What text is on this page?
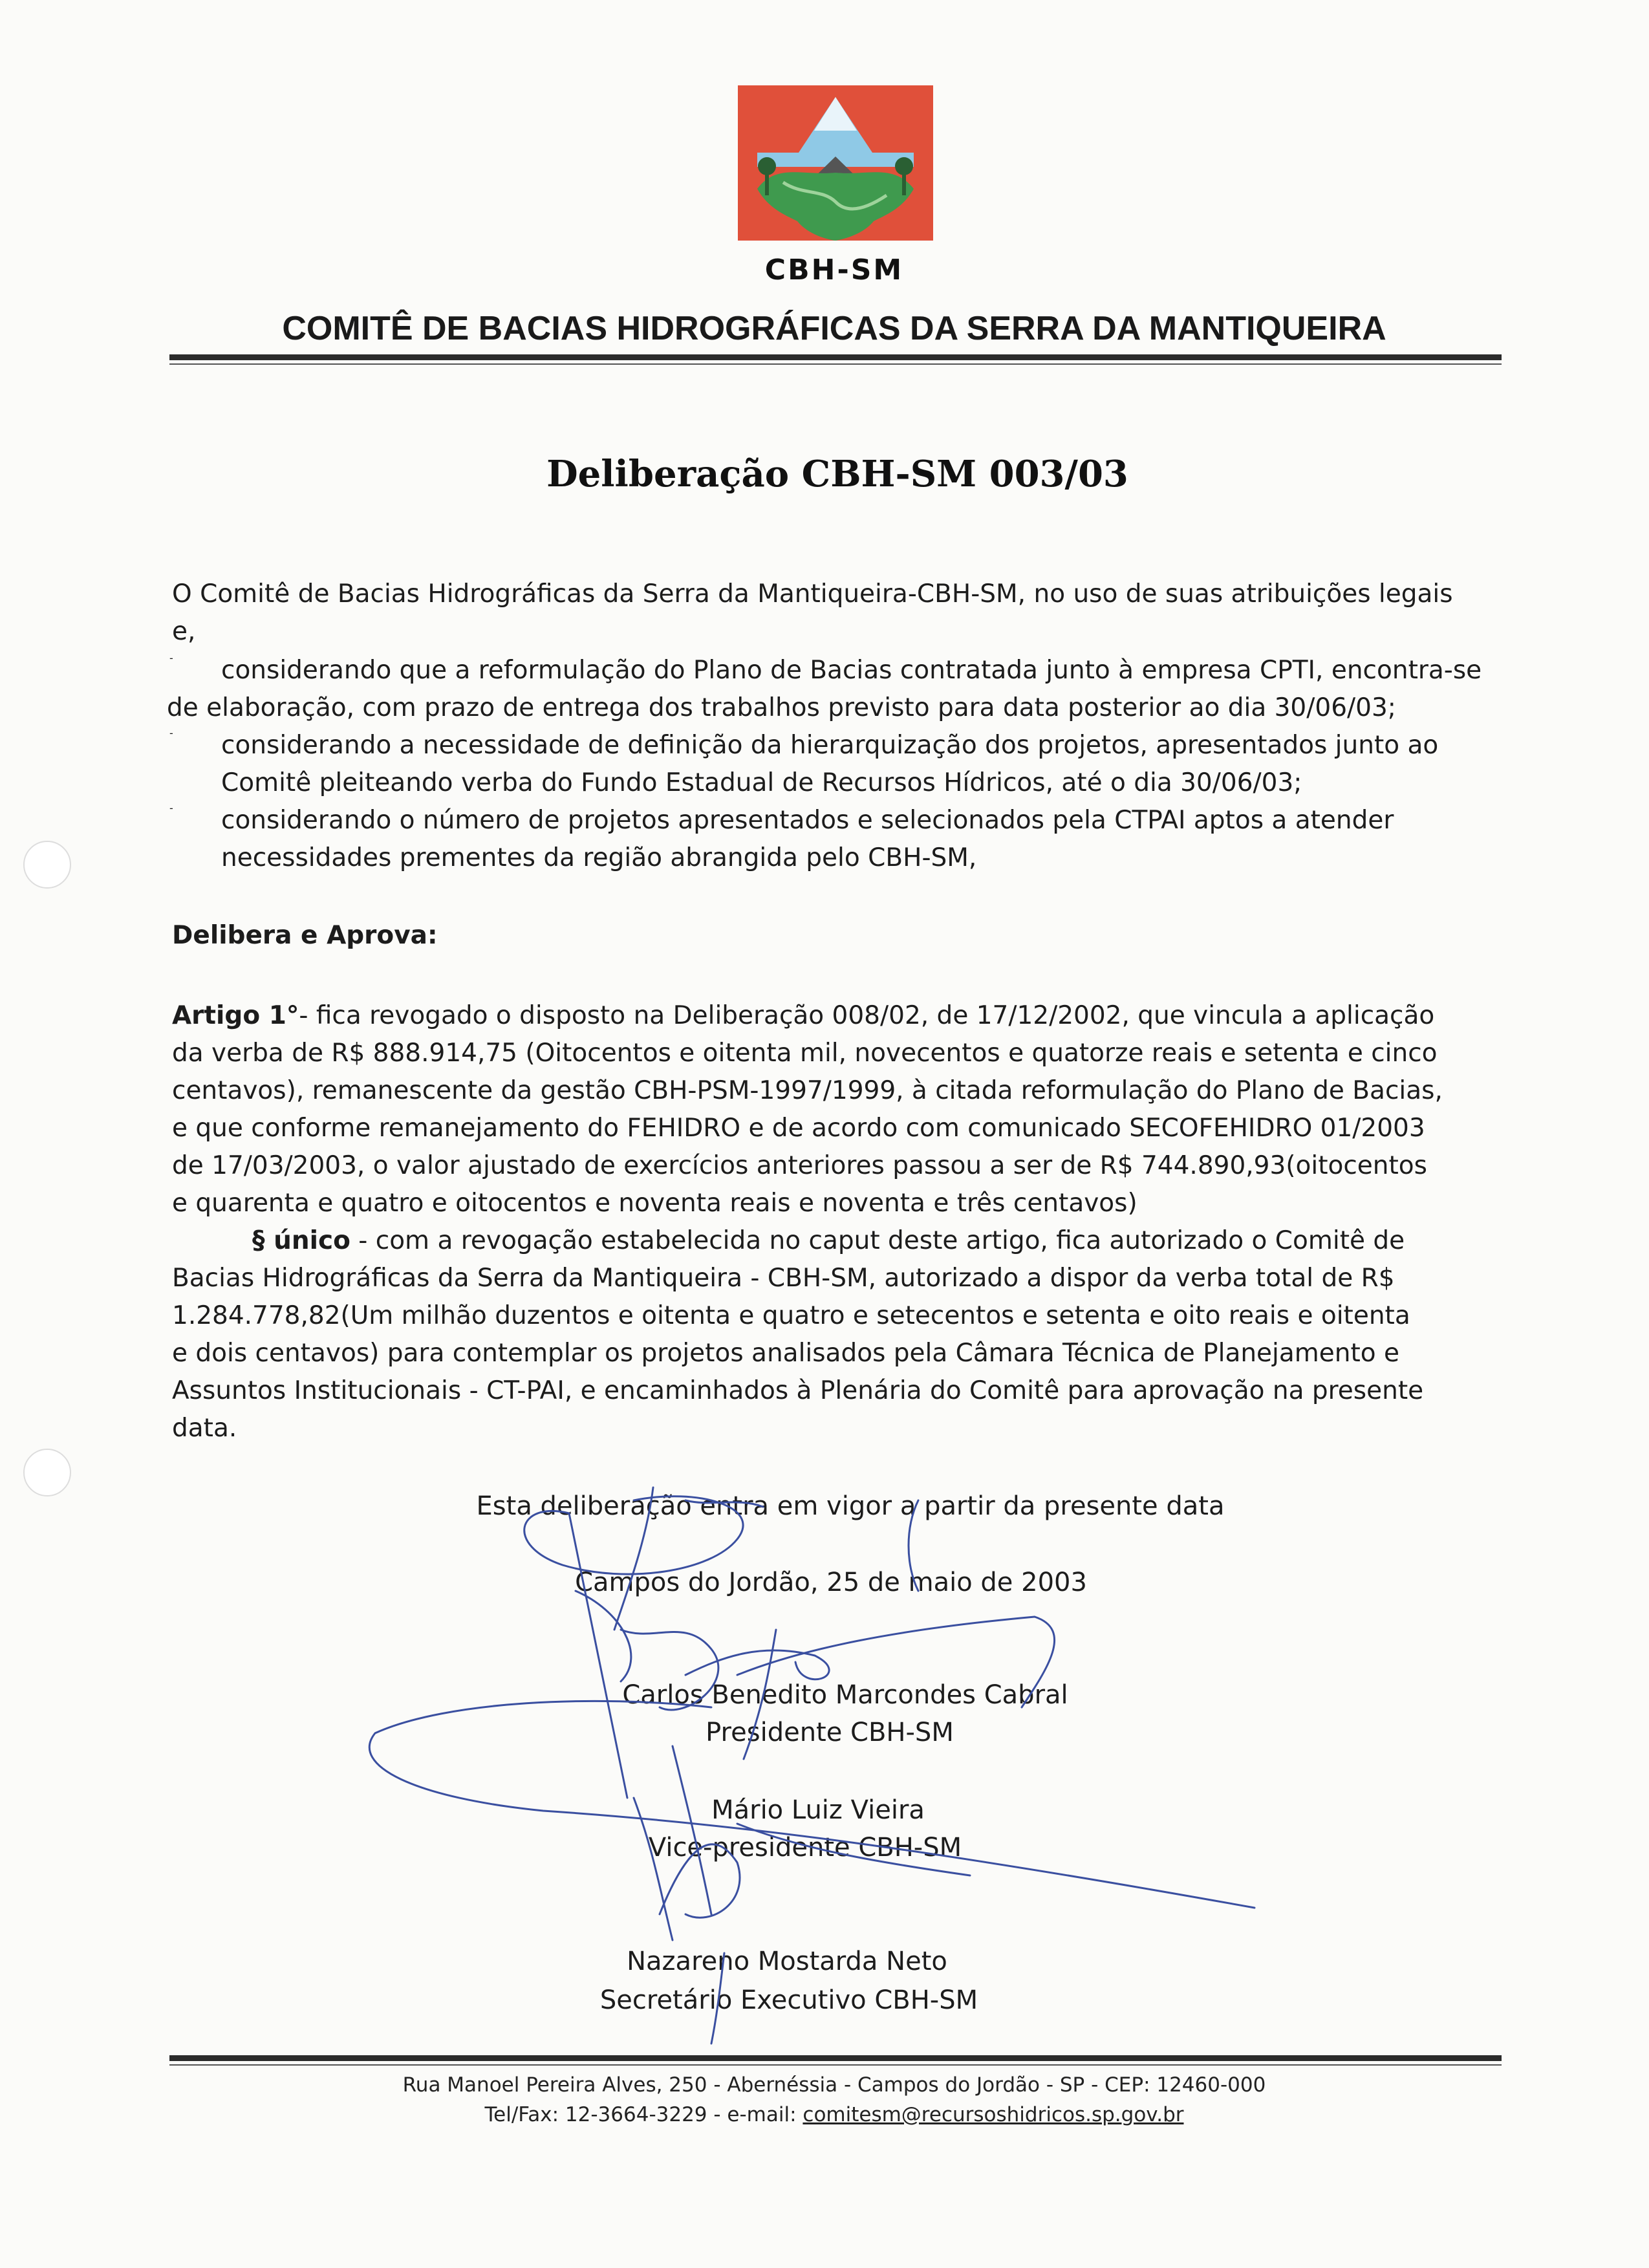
CBH-SM
COMITÊ DE BACIAS HIDROGRÁFICAS DA SERRA DA MANTIQUEIRA
Deliberação CBH-SM 003/03
O Comitê de Bacias Hidrográficas da Serra da Mantiqueira-CBH-SM, no uso de suas atribuições legais
e,
-	considerando que a reformulação do Plano de Bacias contratada junto à empresa CPTI, encontra-se
de elaboração, com prazo de entrega dos trabalhos previsto para data posterior ao dia 30/06/03;
-	considerando a necessidade de definição da hierarquização dos projetos, apresentados junto ao
Comitê pleiteando verba do Fundo Estadual de Recursos Hídricos, até o dia 30/06/03;
-	considerando o número de projetos apresentados e selecionados pela CTPAI aptos a atender
necessidades prementes da região abrangida pelo CBH-SM,
Delibera e Aprova:
Artigo 1°- fica revogado o disposto na Deliberação 008/02, de 17/12/2002, que vincula a aplicação
da verba de R$ 888.914,75 (Oitocentos e oitenta mil, novecentos e quatorze reais e setenta e cinco
centavos), remanescente da gestão CBH-PSM-1997/1999, à citada reformulação do Plano de Bacias,
e que conforme remanejamento do FEHIDRO e de acordo com comunicado SECOFEHIDRO 01/2003
de 17/03/2003, o valor ajustado de exercícios anteriores passou a ser de R$ 744.890,93(oitocentos
e quarenta e quatro e oitocentos e noventa reais e noventa e três centavos)
§ único - com a revogação estabelecida no caput deste artigo, fica autorizado o Comitê de
Bacias Hidrográficas da Serra da Mantiqueira - CBH-SM, autorizado a dispor da verba total de R$
1.284.778,82(Um milhão duzentos e oitenta e quatro e setecentos e setenta e oito reais e oitenta
e dois centavos) para contemplar os projetos analisados pela Câmara Técnica de Planejamento e
Assuntos Institucionais - CT-PAI, e encaminhados à Plenária do Comitê para aprovação na presente
data.
Esta deliberação entra em vigor a partir da presente data
Campos do Jordão, 25 de maio de 2003
Carlos Benedito Marcondes Cabral
Presidente CBH-SM
Mário Luiz Vieira
Vice-presidente CBH-SM
Nazareno Mostarda Neto
Secretário Executivo CBH-SM
Rua Manoel Pereira Alves, 250 - Abernéssia - Campos do Jordão - SP - CEP: 12460-000
Tel/Fax: 12-3664-3229 - e-mail: comitesm@recursoshidricos.sp.gov.br
